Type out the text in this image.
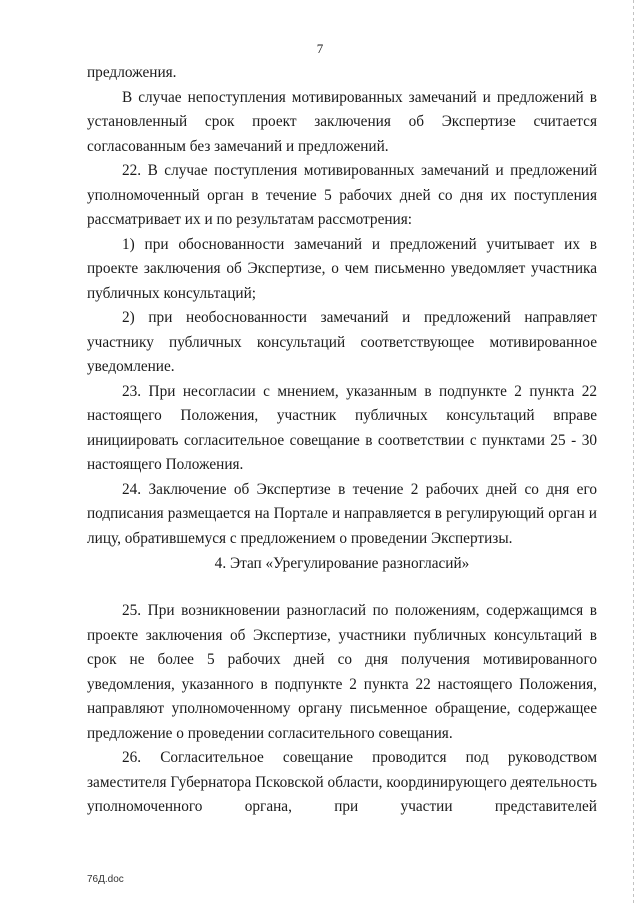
7

предложения.

В случае непоступления мотивированных замечаний и предложений в установленный срок проект заключения об Экспертизе считается согласованным без замечаний и предложений.

22. В случае поступления мотивированных замечаний и предложений уполномоченный орган в течение 5 рабочих дней со дня их поступления рассматривает их и по результатам рассмотрения:

1) при обоснованности замечаний и предложений учитывает их в проекте заключения об Экспертизе, о чем письменно уведомляет участника публичных консультаций;

2) при необоснованности замечаний и предложений направляет участнику публичных консультаций соответствующее мотивированное уведомление.

23. При несогласии с мнением, указанным в подпункте 2 пункта 22 настоящего Положения, участник публичных консультаций вправе инициировать согласительное совещание в соответствии с пунктами 25 - 30 настоящего Положения.

24. Заключение об Экспертизе в течение 2 рабочих дней со дня его подписания размещается на Портале и направляется в регулирующий орган и лицу, обратившемуся с предложением о проведении Экспертизы.

4. Этап «Урегулирование разногласий»

25. При возникновении разногласий по положениям, содержащимся в проекте заключения об Экспертизе, участники публичных консультаций в срок не более 5 рабочих дней со дня получения мотивированного уведомления, указанного в подпункте 2 пункта 22 настоящего Положения, направляют уполномоченному органу письменное обращение, содержащее предложение о проведении согласительного совещания.

26. Согласительное совещание проводится под руководством заместителя Губернатора Псковской области, координирующего деятельность уполномоченного органа, при участии представителей

76Д.doc
